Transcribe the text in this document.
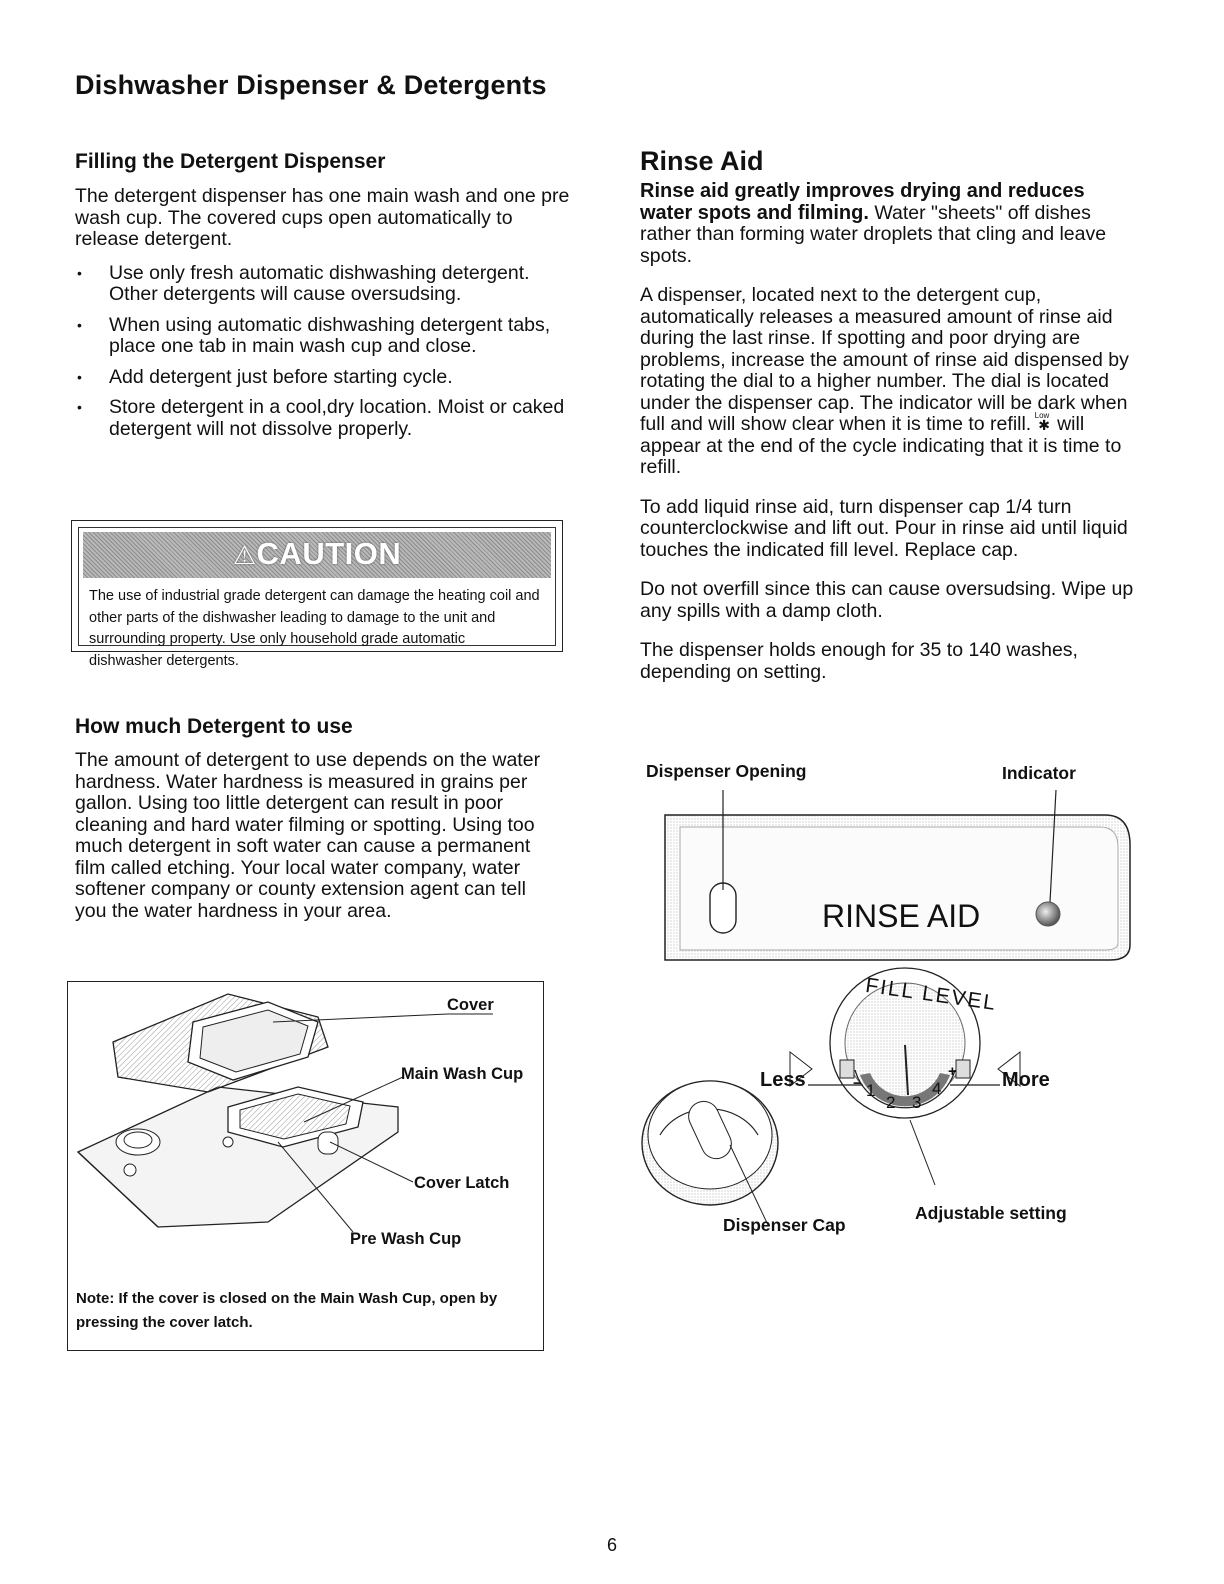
Dishwasher Dispenser & Detergents
Filling the Detergent Dispenser

The detergent dispenser has one main wash and one pre wash cup. The covered cups open automatically to release detergent.

• Use only fresh automatic dishwashing detergent. Other detergents will cause oversudsing.
• When using automatic dishwashing detergent tabs, place one tab in main wash cup and close.
• Add detergent just before starting cycle.
• Store detergent in a cool,dry location. Moist or caked detergent will not dissolve properly.
⚠CAUTION
The use of industrial grade detergent can damage the heating coil and other parts of the dishwasher leading to damage to the unit and surrounding property. Use only household grade automatic dishwasher detergents.
How much Detergent to use
The amount of detergent to use depends on the water hardness. Water hardness is measured in grains per gallon. Using too little detergent can result in poor cleaning and hard water filming or spotting. Using too much detergent in soft water can cause a permanent film called etching. Your local water company, water softener company or county extension agent can tell you the water hardness in your area.
Cover
Main Wash Cup
Cover Latch
Pre Wash Cup
Note: If the cover is closed on the Main Wash Cup, open by pressing the cover latch.
Rinse Aid

Rinse aid greatly improves drying and reduces water spots and filming. Water "sheets" off dishes rather than forming water droplets that cling and leave spots.

A dispenser, located next to the detergent cup, automatically releases a measured amount of rinse aid during the last rinse. If spotting and poor drying are problems, increase the amount of rinse aid dispensed by rotating the dial to a higher number. The dial is located under the dispenser cap. The indicator will be dark when full and will show clear when it is time to refill. ✱
Low will appear at the end of the cycle indicating that it is time to refill.

To add liquid rinse aid, turn dispenser cap 1/4 turn counterclockwise and lift out. Pour in rinse aid until liquid touches the indicated fill level. Replace cap.

Do not overfill since this can cause oversudsing. Wipe up any spills with a damp cloth.

The dispenser holds enough for 35 to 140 washes, depending on setting.

Dispenser Opening	Indicator
RINSE AID
FILL LEVEL
Less	More
−
+
1
2 3
4
Dispenser Cap
Adjustable setting
6
